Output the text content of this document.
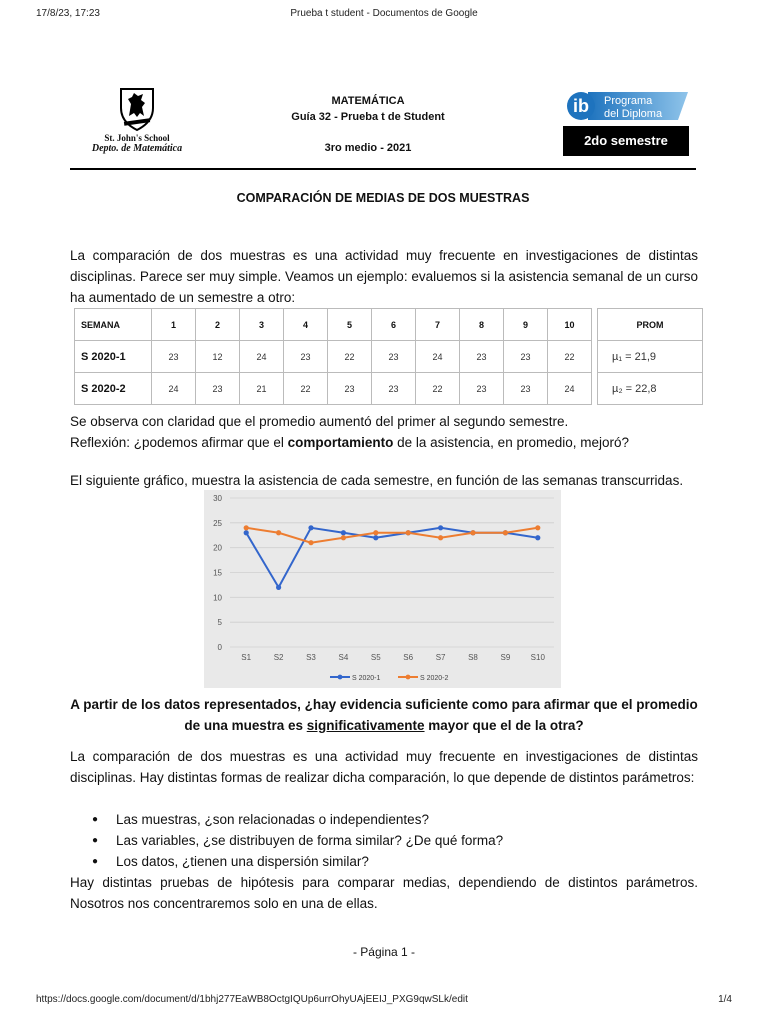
17/8/23, 17:23	Prueba t student - Documentos de Google
St. John's School
Depto. de Matemática
MATEMÁTICA
Guía 32 - Prueba t de Student
3ro medio - 2021
ib Programa
del Diploma
2do semestre
COMPARACIÓN DE MEDIAS DE DOS MUESTRAS
La comparación de dos muestras es una actividad muy frecuente en investigaciones de distintas disciplinas. Parece ser muy simple. Veamos un ejemplo: evaluemos si la asistencia semanal de un curso ha aumentado de un semestre a otro:
SEMANA	1	2	3	4	5	6	7	8	9	10		PROM
S 2020-1	23	12	24	23	22	23	24	23	23	22		µ₁ = 21,9
S 2020-2	24	23	21	22	23	23	22	23	23	24		µ₂ = 22,8
Se observa con claridad que el promedio aumentó del primer al segundo semestre.
Reflexión: ¿podemos afirmar que el comportamiento de la asistencia, en promedio, mejoró?
El siguiente gráfico, muestra la asistencia de cada semestre, en función de las semanas transcurridas.
0
5
10
15
20
25
30
S1	S2	S3	S4	S5	S6	S7	S8	S9	S10
S 2020-1	S 2020-2
A partir de los datos representados, ¿hay evidencia suficiente como para afirmar que el promedio
de una muestra es significativamente mayor que el de la otra?
La comparación de dos muestras es una actividad muy frecuente en investigaciones de distintas disciplinas. Hay distintas formas de realizar dicha comparación, lo que depende de distintos parámetros:
● Las muestras, ¿son relacionadas o independientes?
● Las variables, ¿se distribuyen de forma similar? ¿De qué forma?
● Los datos, ¿tienen una dispersión similar?
Hay distintas pruebas de hipótesis para comparar medias, dependiendo de distintos parámetros. Nosotros nos concentraremos solo en una de ellas.
- Página 1 -
https://docs.google.com/document/d/1bhj277EaWB8OctgIQUp6urrOhyUAjEEIJ_PXG9qwSLk/edit	1/4
